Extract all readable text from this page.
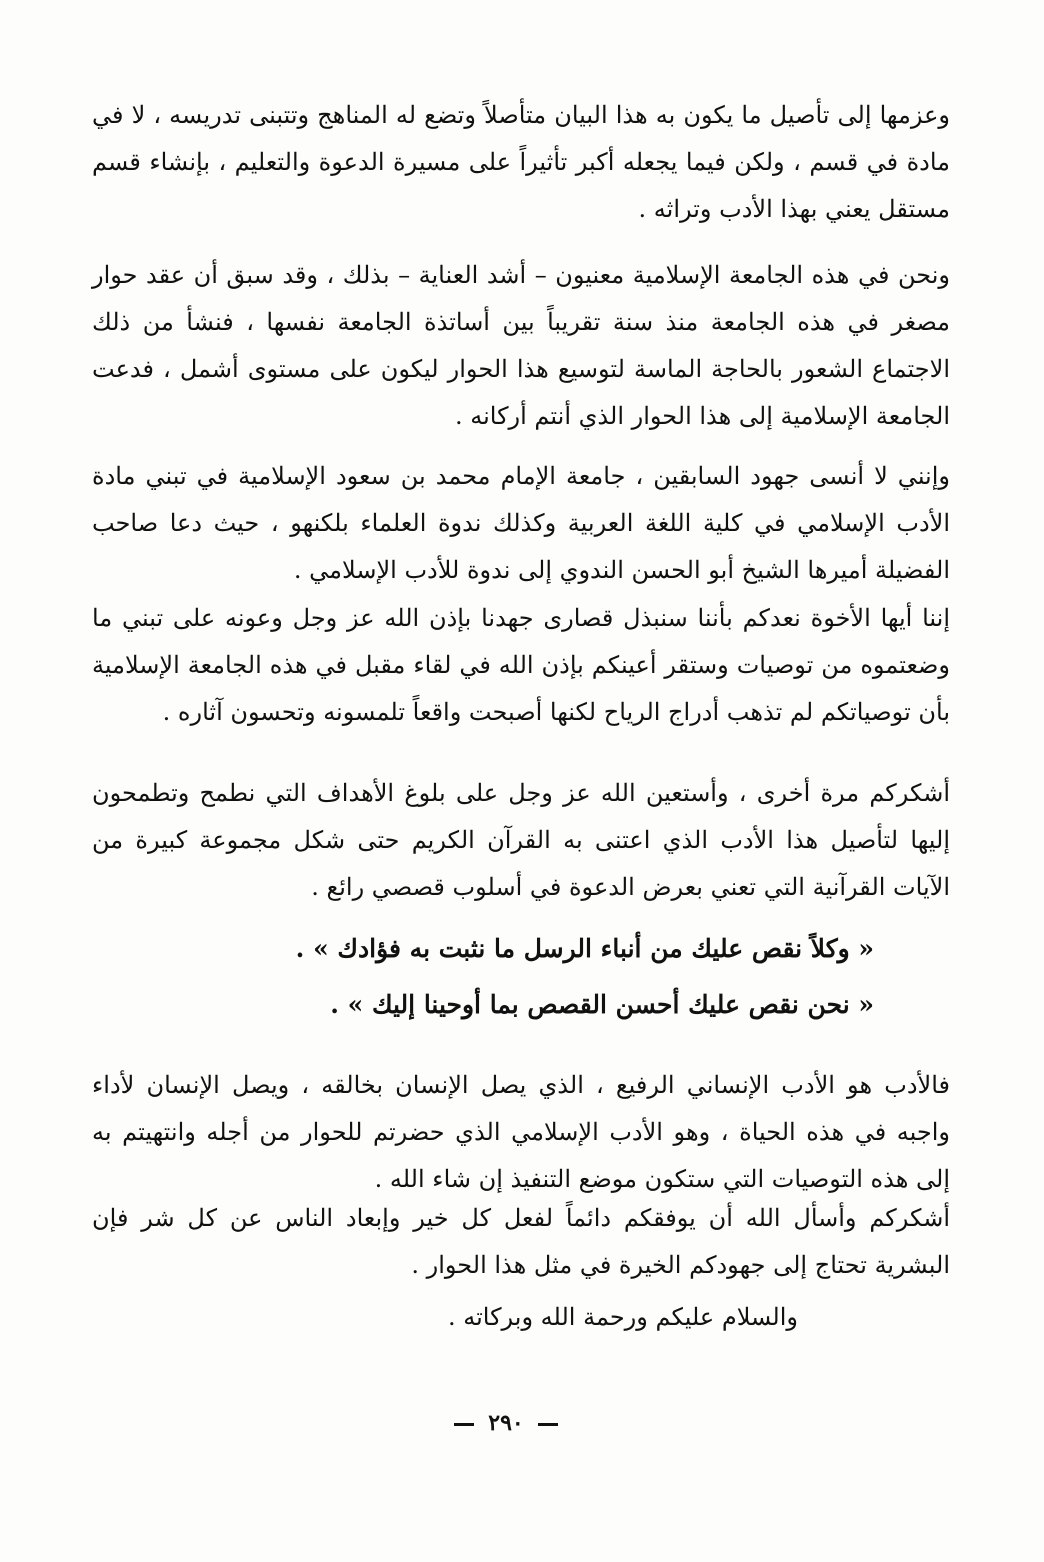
وعزمها إلى تأصيل ما يكون به هذا البيان متأصلاً وتضع له المناهج وتتبنى تدريسه ، لا في مادة في قسم ، ولكن فيما يجعله أكبر تأثيراً على مسيرة الدعوة والتعليم ، بإنشاء قسم مستقل يعني بهذا الأدب وتراثه .

ونحن في هذه الجامعة الإسلامية معنيون – أشد العناية – بذلك ، وقد سبق أن عقد حوار مصغر في هذه الجامعة منذ سنة تقريباً بين أساتذة الجامعة نفسها ، فنشأ من ذلك الاجتماع الشعور بالحاجة الماسة لتوسيع هذا الحوار ليكون على مستوى أشمل ، فدعت الجامعة الإسلامية إلى هذا الحوار الذي أنتم أركانه .

وإنني لا أنسى جهود السابقين ، جامعة الإمام محمد بن سعود الإسلامية في تبني مادة الأدب الإسلامي في كلية اللغة العربية وكذلك ندوة العلماء بلكنهو ، حيث دعا صاحب الفضيلة أميرها الشيخ أبو الحسن الندوي إلى ندوة للأدب الإسلامي .

إننا أيها الأخوة نعدكم بأننا سنبذل قصارى جهدنا بإذن الله عز وجل وعونه على تبني ما وضعتموه من توصيات وستقر أعينكم بإذن الله في لقاء مقبل في هذه الجامعة الإسلامية بأن توصياتكم لم تذهب أدراج الرياح لكنها أصبحت واقعاً تلمسونه وتحسون آثاره .

أشكركم مرة أخرى ، وأستعين الله عز وجل على بلوغ الأهداف التي نطمح وتطمحون إليها لتأصيل هذا الأدب الذي اعتنى به القرآن الكريم حتى شكل مجموعة كبيرة من الآيات القرآنية التي تعني بعرض الدعوة في أسلوب قصصي رائع .

« وكلاً نقص عليك من أنباء الرسل ما نثبت به فؤادك » .
« نحن نقص عليك أحسن القصص بما أوحينا إليك » .

فالأدب هو الأدب الإنساني الرفيع ، الذي يصل الإنسان بخالقه ، ويصل الإنسان لأداء واجبه في هذه الحياة ، وهو الأدب الإسلامي الذي حضرتم للحوار من أجله وانتهيتم به إلى هذه التوصيات التي ستكون موضع التنفيذ إن شاء الله .

أشكركم وأسأل الله أن يوفقكم دائماً لفعل كل خير وإبعاد الناس عن كل شر فإن البشرية تحتاج إلى جهودكم الخيرة في مثل هذا الحوار .

والسلام عليكم ورحمة الله وبركاته .
٢٩٠
